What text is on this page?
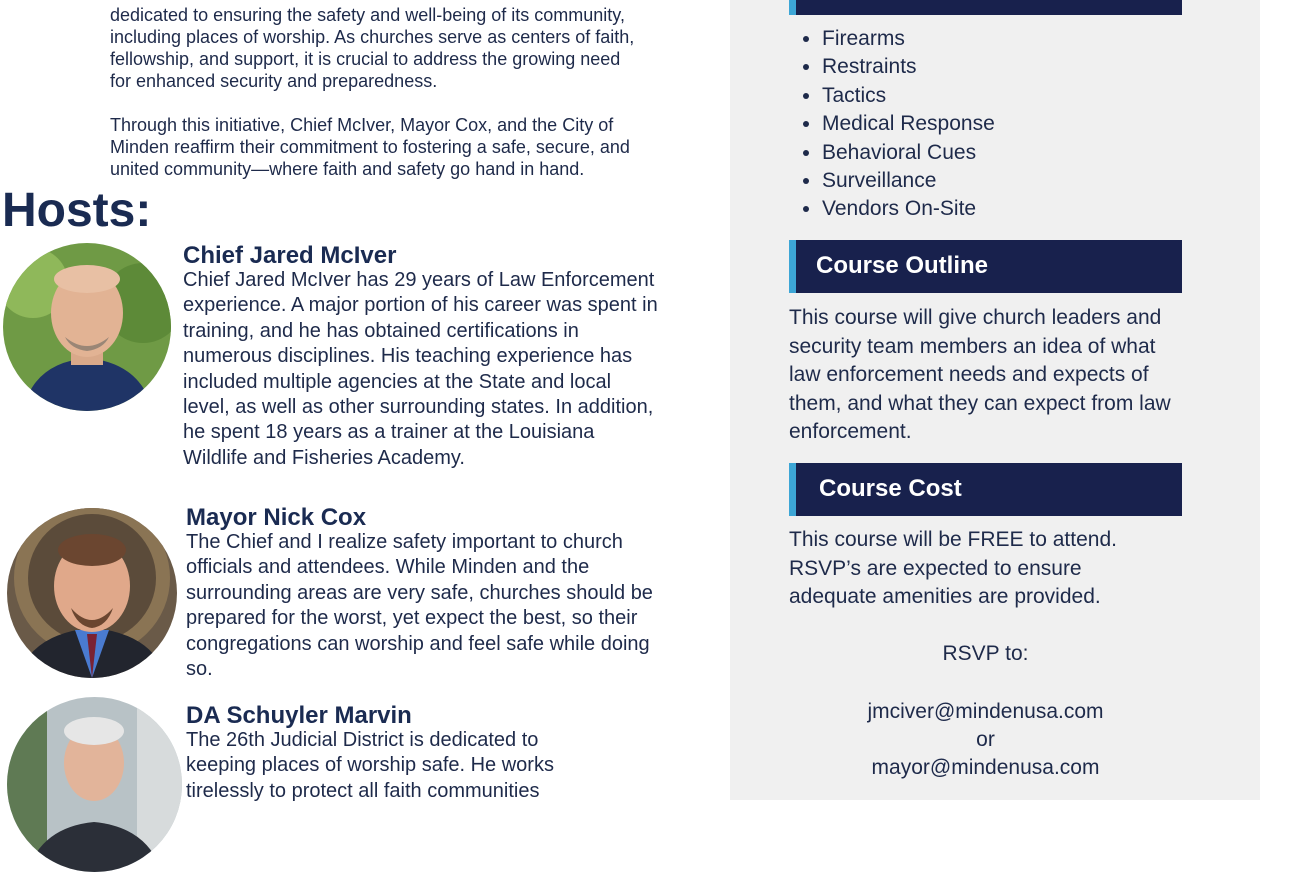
dedicated to ensuring the safety and well-being of its community,

including places of worship. As churches serve as centers of faith,

fellowship, and support, it is crucial to address the growing need

for enhanced security and preparedness.

Through this initiative, Chief McIver, Mayor Cox, and the City of

Minden reaffirm their commitment to fostering a safe, secure, and

united community—where faith and safety go hand in hand.

Hosts:
Chief Jared McIver

Chief Jared McIver has 29 years of Law Enforcement experience. A major portion of his career was spent in training, and he has obtained certifications in numerous disciplines. His teaching experience has included multiple agencies at the State and local level, as well as other surrounding states. In addition, he spent 18 years as a trainer at the Louisiana Wildlife and Fisheries Academy.

Mayor Nick Cox

The Chief and I realize safety important to church officials and attendees. While Minden and the surrounding areas are very safe, churches should be prepared for the worst, yet expect the best, so their congregations can worship and feel safe while doing so.

DA Schuyler Marvin

The 26th Judicial District is dedicated to keeping places of worship safe. He works tirelessly to protect all faith communities

• Firearms
• Restraints
• Tactics
• Medical Response
• Behavioral Cues
• Surveillance
• Vendors On-Site
Course Outline

This course will give church leaders and security team members an idea of what law enforcement needs and expects of them, and what they can expect from law enforcement.

Course Cost

This course will be FREE to attend. RSVP’s are expected to ensure adequate amenities are provided.

RSVP to:

jmciver@mindenusa.com

or

mayor@mindenusa.com
